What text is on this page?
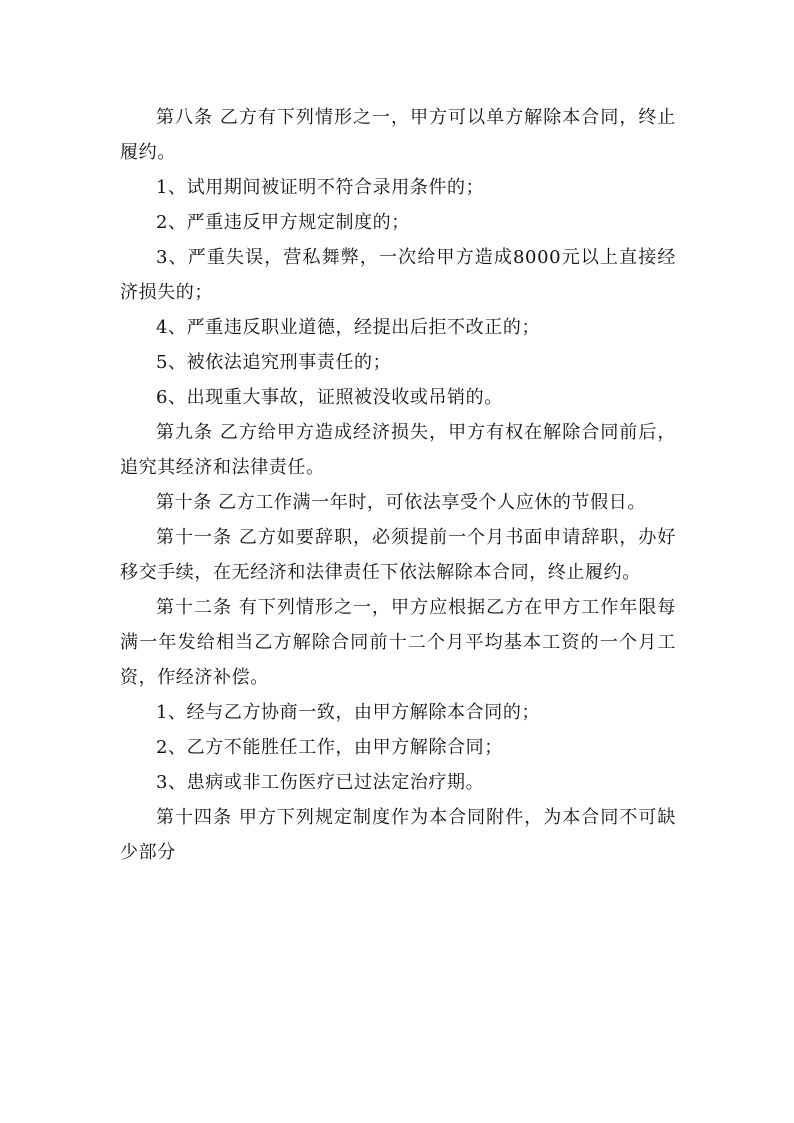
第八条 乙方有下列情形之一，甲方可以单方解除本合同，终止履约。

1、试用期间被证明不符合录用条件的；

2、严重违反甲方规定制度的；

3、严重失误，营私舞弊，一次给甲方造成8000元以上直接经济损失的；

4、严重违反职业道德，经提出后拒不改正的；

5、被依法追究刑事责任的；

6、出现重大事故，证照被没收或吊销的。

第九条 乙方给甲方造成经济损失，甲方有权在解除合同前后，追究其经济和法律责任。

第十条 乙方工作满一年时，可依法享受个人应休的节假日。

第十一条 乙方如要辞职，必须提前一个月书面申请辞职，办好移交手续，在无经济和法律责任下依法解除本合同，终止履约。

第十二条 有下列情形之一，甲方应根据乙方在甲方工作年限每满一年发给相当乙方解除合同前十二个月平均基本工资的一个月工资，作经济补偿。

1、经与乙方协商一致，由甲方解除本合同的；

2、乙方不能胜任工作，由甲方解除合同；

3、患病或非工伤医疗已过法定治疗期。

第十四条 甲方下列规定制度作为本合同附件，为本合同不可缺少部分
